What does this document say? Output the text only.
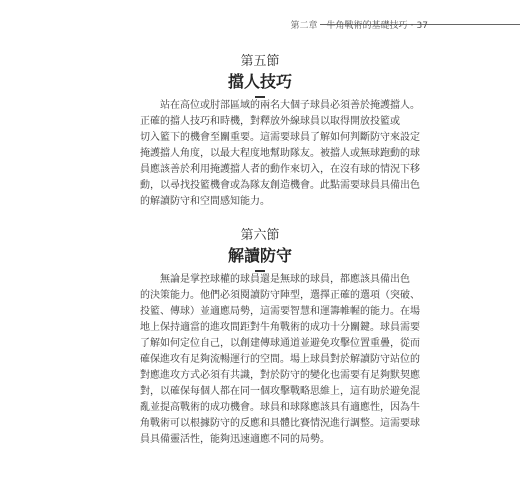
第二章　牛角戰術的基礎技巧・37
第五節
擋人技巧
站在高位或肘部區域的兩名大個子球員必須善於掩護擋人。
正確的擋人技巧和時機，對釋放外線球員以取得開放投籃或
切入籃下的機會至關重要。這需要球員了解如何判斷防守來設定
掩護擋人角度，以最大程度地幫助隊友。被擋人或無球跑動的球
員應該善於利用掩護擋人者的動作來切入，在沒有球的情況下移
動，以尋找投籃機會或為隊友創造機會。此點需要球員具備出色
的解讀防守和空間感知能力。
第六節
解讀防守
無論是掌控球權的球員還是無球的球員，都應該具備出色
的決策能力。他們必須閱讀防守陣型，選擇正確的選項（突破、
投籃、傳球）並適應局勢，這需要智慧和運籌帷幄的能力。在場
地上保持適當的進攻間距對牛角戰術的成功十分關鍵。球員需要
了解如何定位自己，以創建傳球通道並避免攻擊位置重疊，從而
確保進攻有足夠流暢運行的空間。場上球員對於解讀防守站位的
對應進攻方式必須有共識，對於防守的變化也需要有足夠默契應
對，以確保每個人都在同一個攻擊戰略思維上，這有助於避免混
亂並提高戰術的成功機會。球員和球隊應該具有適應性，因為牛
角戰術可以根據防守的反應和具體比賽情況進行調整。這需要球
員具備靈活性，能夠迅速適應不同的局勢。
